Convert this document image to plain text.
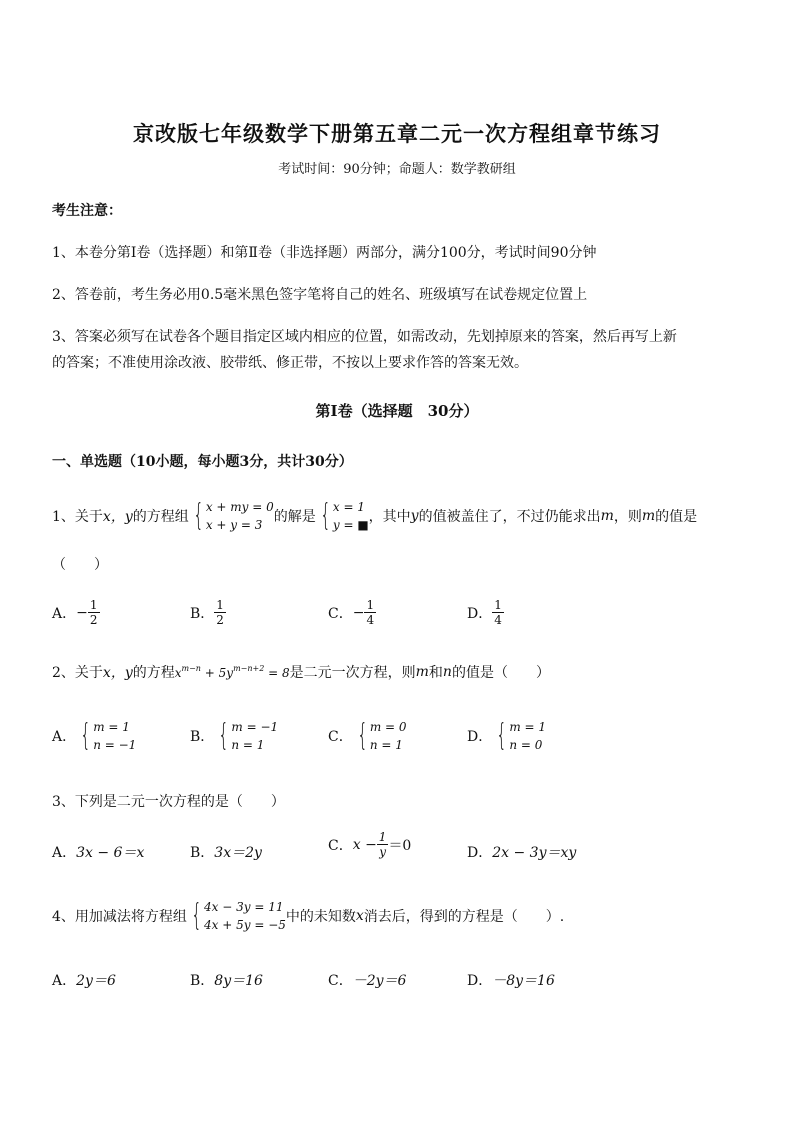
京改版七年级数学下册第五章二元一次方程组章节练习
考试时间：90分钟；命题人：数学教研组
考生注意：
1、本卷分第Ⅰ卷（选择题）和第Ⅱ卷（非选择题）两部分，满分100分，考试时间90分钟
2、答卷前，考生务必用0.5毫米黑色签字笔将自己的姓名、班级填写在试卷规定位置上
3、答案必须写在试卷各个题目指定区域内相应的位置，如需改动，先划掉原来的答案，然后再写上新
的答案；不准使用涂改液、胶带纸、修正带，不按以上要求作答的答案无效。
第Ⅰ卷（选择题　30分）
一、单选题（10小题，每小题3分，共计30分）
1、关于 x，y 的方程组 { x + my = 0
x + y = 3 的解是 { x = 1
y = ■ ，其中 y 的值被盖住了，不过仍能求出 m ，则 m 的值是
（　　）
A． − $\frac{1}{2}$	B． $\frac{1}{2}$	C． − $\frac{1}{4}$	D． $\frac{1}{4}$
2、关于 x，y 的方程 $x^{m-n} + 5y^{m-n+2} = 8$ 是二元一次方程，则 m 和 n 的值是（　　）
A． { m = 1
n = −1	B． { m = −1
n = 1	C． { m = 0
n = 1	D． { m = 1
n = 0
3、下列是二元一次方程的是（　　）
A．3x − 6＝x	B．3x＝2y	C． $x - \frac{1}{y} =0$	D．2x − 3y＝xy
4、用加减法将方程组 { 4x − 3y = 11
4x + 5y = −5 中的未知数 x 消去后，得到的方程是（　　）.
A．2y＝6	B．8y＝16	C．－2y＝6	D．－8y＝16
